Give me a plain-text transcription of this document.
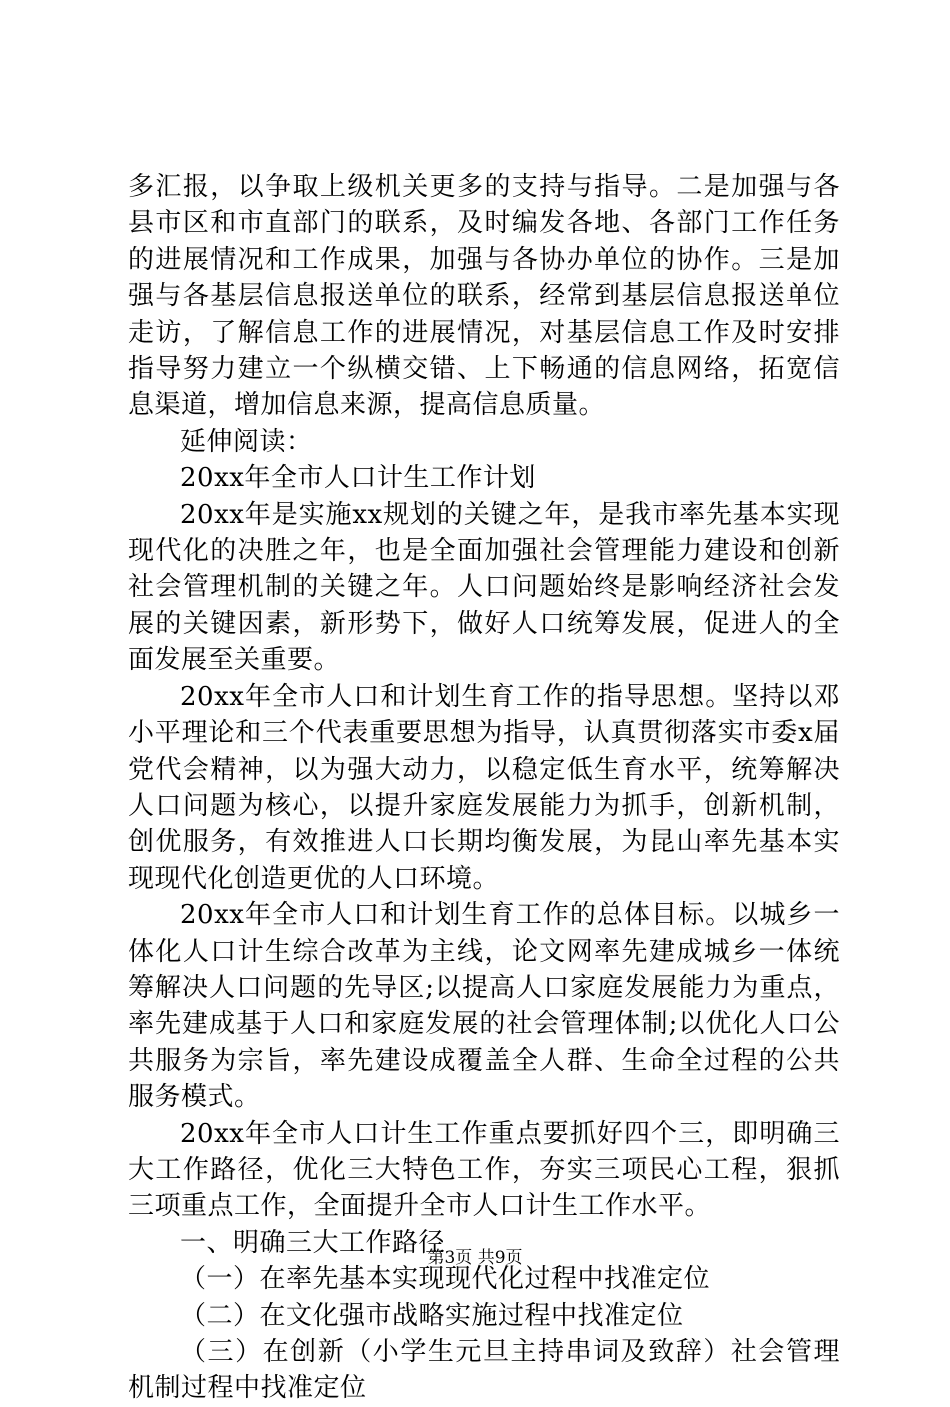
多汇报，以争取上级机关更多的支持与指导。二是加强与各县市区和市直部门的联系，及时编发各地、各部门工作任务的进展情况和工作成果，加强与各协办单位的协作。三是加强与各基层信息报送单位的联系，经常到基层信息报送单位走访，了解信息工作的进展情况，对基层信息工作及时安排指导努力建立一个纵横交错、上下畅通的信息网络，拓宽信息渠道，增加信息来源，提高信息质量。

延伸阅读：

20xx年全市人口计生工作计划

20xx年是实施xx规划的关键之年，是我市率先基本实现现代化的决胜之年，也是全面加强社会管理能力建设和创新社会管理机制的关键之年。人口问题始终是影响经济社会发展的关键因素，新形势下，做好人口统筹发展，促进人的全面发展至关重要。

20xx年全市人口和计划生育工作的指导思想。坚持以邓小平理论和三个代表重要思想为指导，认真贯彻落实市委x届党代会精神，以为强大动力，以稳定低生育水平，统筹解决人口问题为核心，以提升家庭发展能力为抓手，创新机制，创优服务，有效推进人口长期均衡发展，为昆山率先基本实现现代化创造更优的人口环境。

20xx年全市人口和计划生育工作的总体目标。以城乡一体化人口计生综合改革为主线，论文网率先建成城乡一体统筹解决人口问题的先导区;以提高人口家庭发展能力为重点，率先建成基于人口和家庭发展的社会管理体制;以优化人口公共服务为宗旨，率先建设成覆盖全人群、生命全过程的公共服务模式。

20xx年全市人口计生工作重点要抓好四个三，即明确三大工作路径，优化三大特色工作，夯实三项民心工程，狠抓三项重点工作，全面提升全市人口计生工作水平。

一、明确三大工作路径

（一）在率先基本实现现代化过程中找准定位

（二）在文化强市战略实施过程中找准定位

（三）在创新（小学生元旦主持串词及致辞）社会管理机制过程中找准定位

第3页 共9页
